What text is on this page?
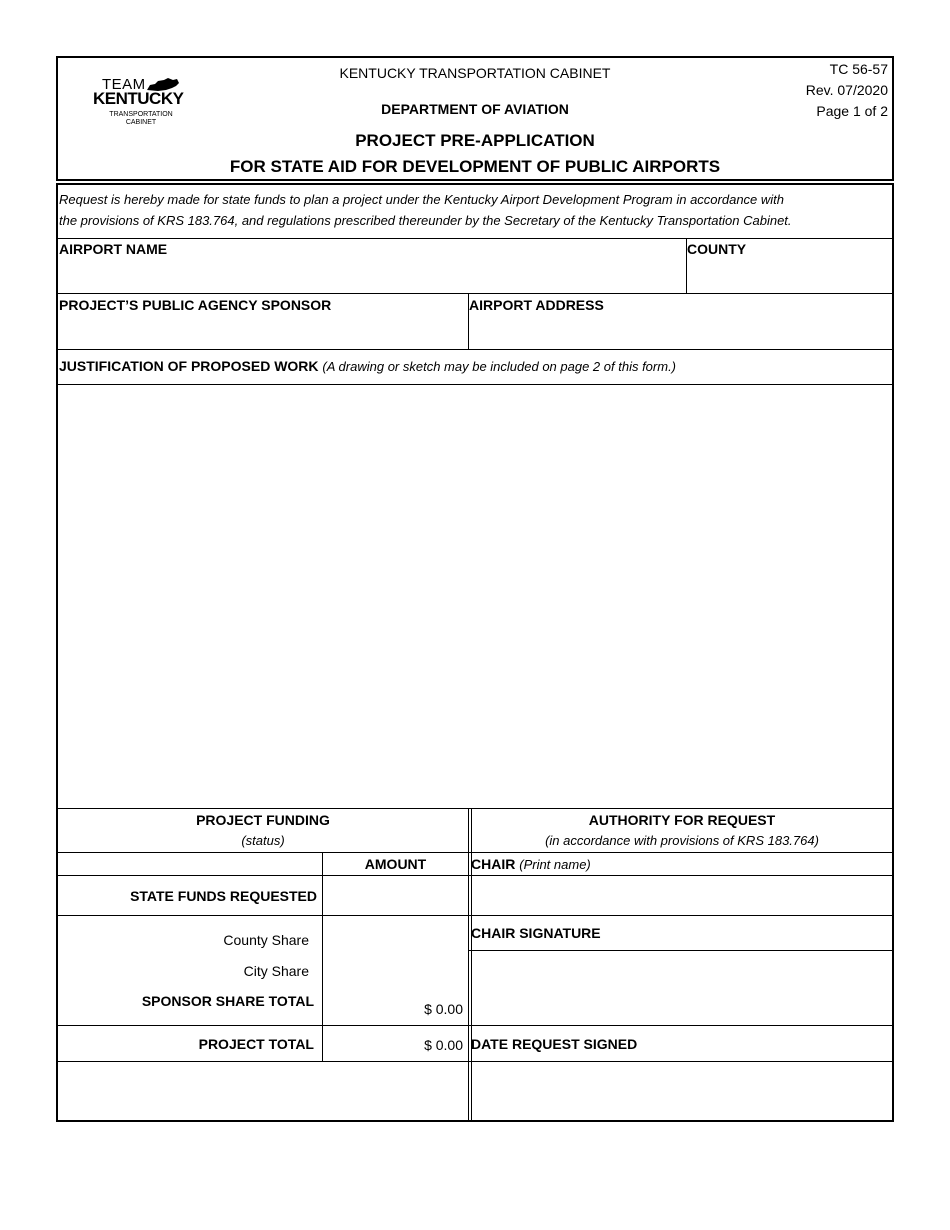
TEAM
KENTUCKY
TRANSPORTATION
CABINET
KENTUCKY TRANSPORTATION CABINET
DEPARTMENT OF AVIATION
PROJECT PRE-APPLICATION
FOR STATE AID FOR DEVELOPMENT OF PUBLIC AIRPORTS
TC 56-57
Rev. 07/2020
Page 1 of 2
Request is hereby made for state funds to plan a project under the Kentucky Airport Development Program in accordance with
the provisions of KRS 183.764, and regulations prescribed thereunder by the Secretary of the Kentucky Transportation Cabinet.
AIRPORT NAME	COUNTY
PROJECT’S PUBLIC AGENCY SPONSOR	AIRPORT ADDRESS
JUSTIFICATION OF PROPOSED WORK (A drawing or sketch may be included on page 2 of this form.)
PROJECT FUNDING
(status)
AMOUNT
STATE FUNDS REQUESTED
County Share
City Share
SPONSOR SHARE TOTAL	$ 0.00
PROJECT TOTAL	$ 0.00
AUTHORITY FOR REQUEST
(in accordance with provisions of KRS 183.764)
CHAIR (Print name)
CHAIR SIGNATURE
DATE REQUEST SIGNED
